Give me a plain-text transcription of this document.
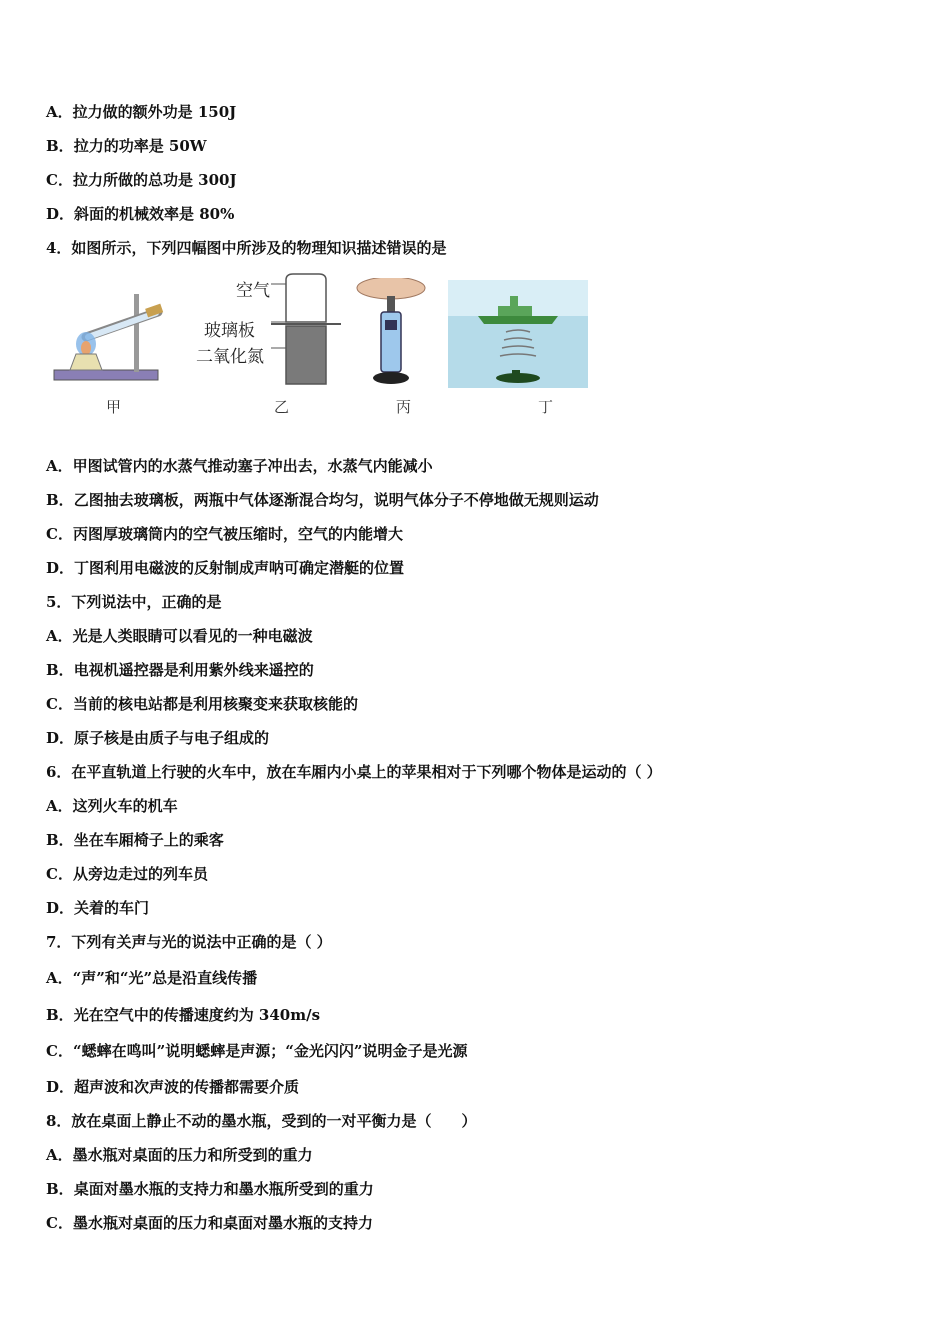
A．拉力做的额外功是 150J
B．拉力的功率是 50W
C．拉力所做的总功是 300J
D．斜面的机械效率是 80%
4．如图所示，下列四幅图中所涉及的物理知识描述错误的是
甲
空气
玻璃板
二氧化氮
乙	丙	丁
A．甲图试管内的水蒸气推动塞子冲出去，水蒸气内能减小
B．乙图抽去玻璃板，两瓶中气体逐渐混合均匀，说明气体分子不停地做无规则运动
C．丙图厚玻璃筒内的空气被压缩时，空气的内能增大
D．丁图利用电磁波的反射制成声呐可确定潜艇的位置
5．下列说法中，正确的是
A．光是人类眼睛可以看见的一种电磁波
B．电视机遥控器是利用紫外线来遥控的
C．当前的核电站都是利用核聚变来获取核能的
D．原子核是由质子与电子组成的
6．在平直轨道上行驶的火车中，放在车厢内小桌上的苹果相对于下列哪个物体是运动的（ ）
A．这列火车的机车
B．坐在车厢椅子上的乘客
C．从旁边走过的列车员
D．关着的车门
7．下列有关声与光的说法中正确的是（ ）
A．“声”和“光”总是沿直线传播
B．光在空气中的传播速度约为 340m/s
C．“蟋蟀在鸣叫”说明蟋蟀是声源；“金光闪闪”说明金子是光源
D．超声波和次声波的传播都需要介质
8．放在桌面上静止不动的墨水瓶，受到的一对平衡力是（　　）
A．墨水瓶对桌面的压力和所受到的重力
B．桌面对墨水瓶的支持力和墨水瓶所受到的重力
C．墨水瓶对桌面的压力和桌面对墨水瓶的支持力
